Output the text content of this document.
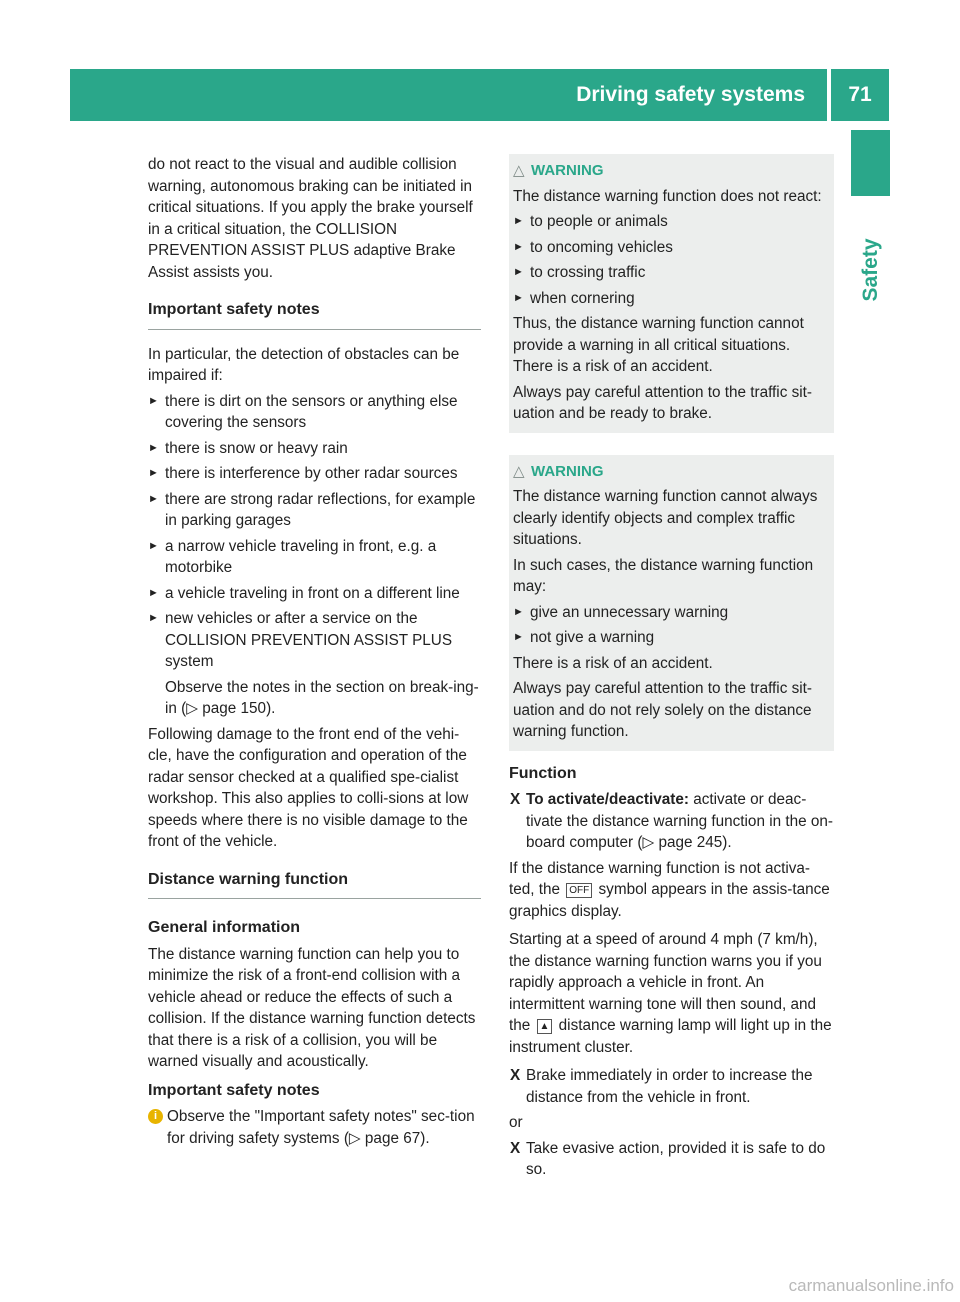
Driving safety systems	71
Safety

do not react to the visual and audible collision warning, autonomous braking can be initiated in critical situations. If you apply the brake yourself in a critical situation, the COLLISION PREVENTION ASSIST PLUS adaptive Brake Assist assists you.

Important safety notes

In particular, the detection of obstacles can be impaired if:

► there is dirt on the sensors or anything else covering the sensors
► there is snow or heavy rain
► there is interference by other radar sources
► there are strong radar reflections, for example in parking garages
► a narrow vehicle traveling in front, e.g. a motorbike
► a vehicle traveling in front on a different line
► new vehicles or after a service on the COLLISION PREVENTION ASSIST PLUS system

Observe the notes in the section on break-ing-in (▷ page 150).

Following damage to the front end of the vehi-cle, have the configuration and operation of the radar sensor checked at a qualified spe-cialist workshop. This also applies to colli-sions at low speeds where there is no visible damage to the front of the vehicle.

Distance warning function
General information

The distance warning function can help you to minimize the risk of a front-end collision with a vehicle ahead or reduce the effects of such a collision. If the distance warning function detects that there is a risk of a collision, you will be warned visually and acoustically.

Important safety notes
i Observe the "Important safety notes" sec-tion for driving safety systems (▷ page 67).
△ WARNING

The distance warning function does not react:

► to people or animals
► to oncoming vehicles
► to crossing traffic
► when cornering

Thus, the distance warning function cannot provide a warning in all critical situations. There is a risk of an accident.

Always pay careful attention to the traffic sit-uation and be ready to brake.

△ WARNING

The distance warning function cannot always clearly identify objects and complex traffic situations.

In such cases, the distance warning function may:

► give an unnecessary warning
► not give a warning

There is a risk of an accident.

Always pay careful attention to the traffic sit-uation and do not rely solely on the distance warning function.

Function
X To activate/deactivate: activate or deac-tivate the distance warning function in the on-board computer (▷ page 245).

If the distance warning function is not activa-ted, the OFF symbol appears in the assis-tance graphics display.

Starting at a speed of around 4 mph (7 km/h), the distance warning function warns you if you rapidly approach a vehicle in front. An intermittent warning tone will then sound, and the ▲ distance warning lamp will light up in the instrument cluster.

X Brake immediately in order to increase the distance from the vehicle in front.

or

X Take evasive action, provided it is safe to do so.
carmanualsonline.info
